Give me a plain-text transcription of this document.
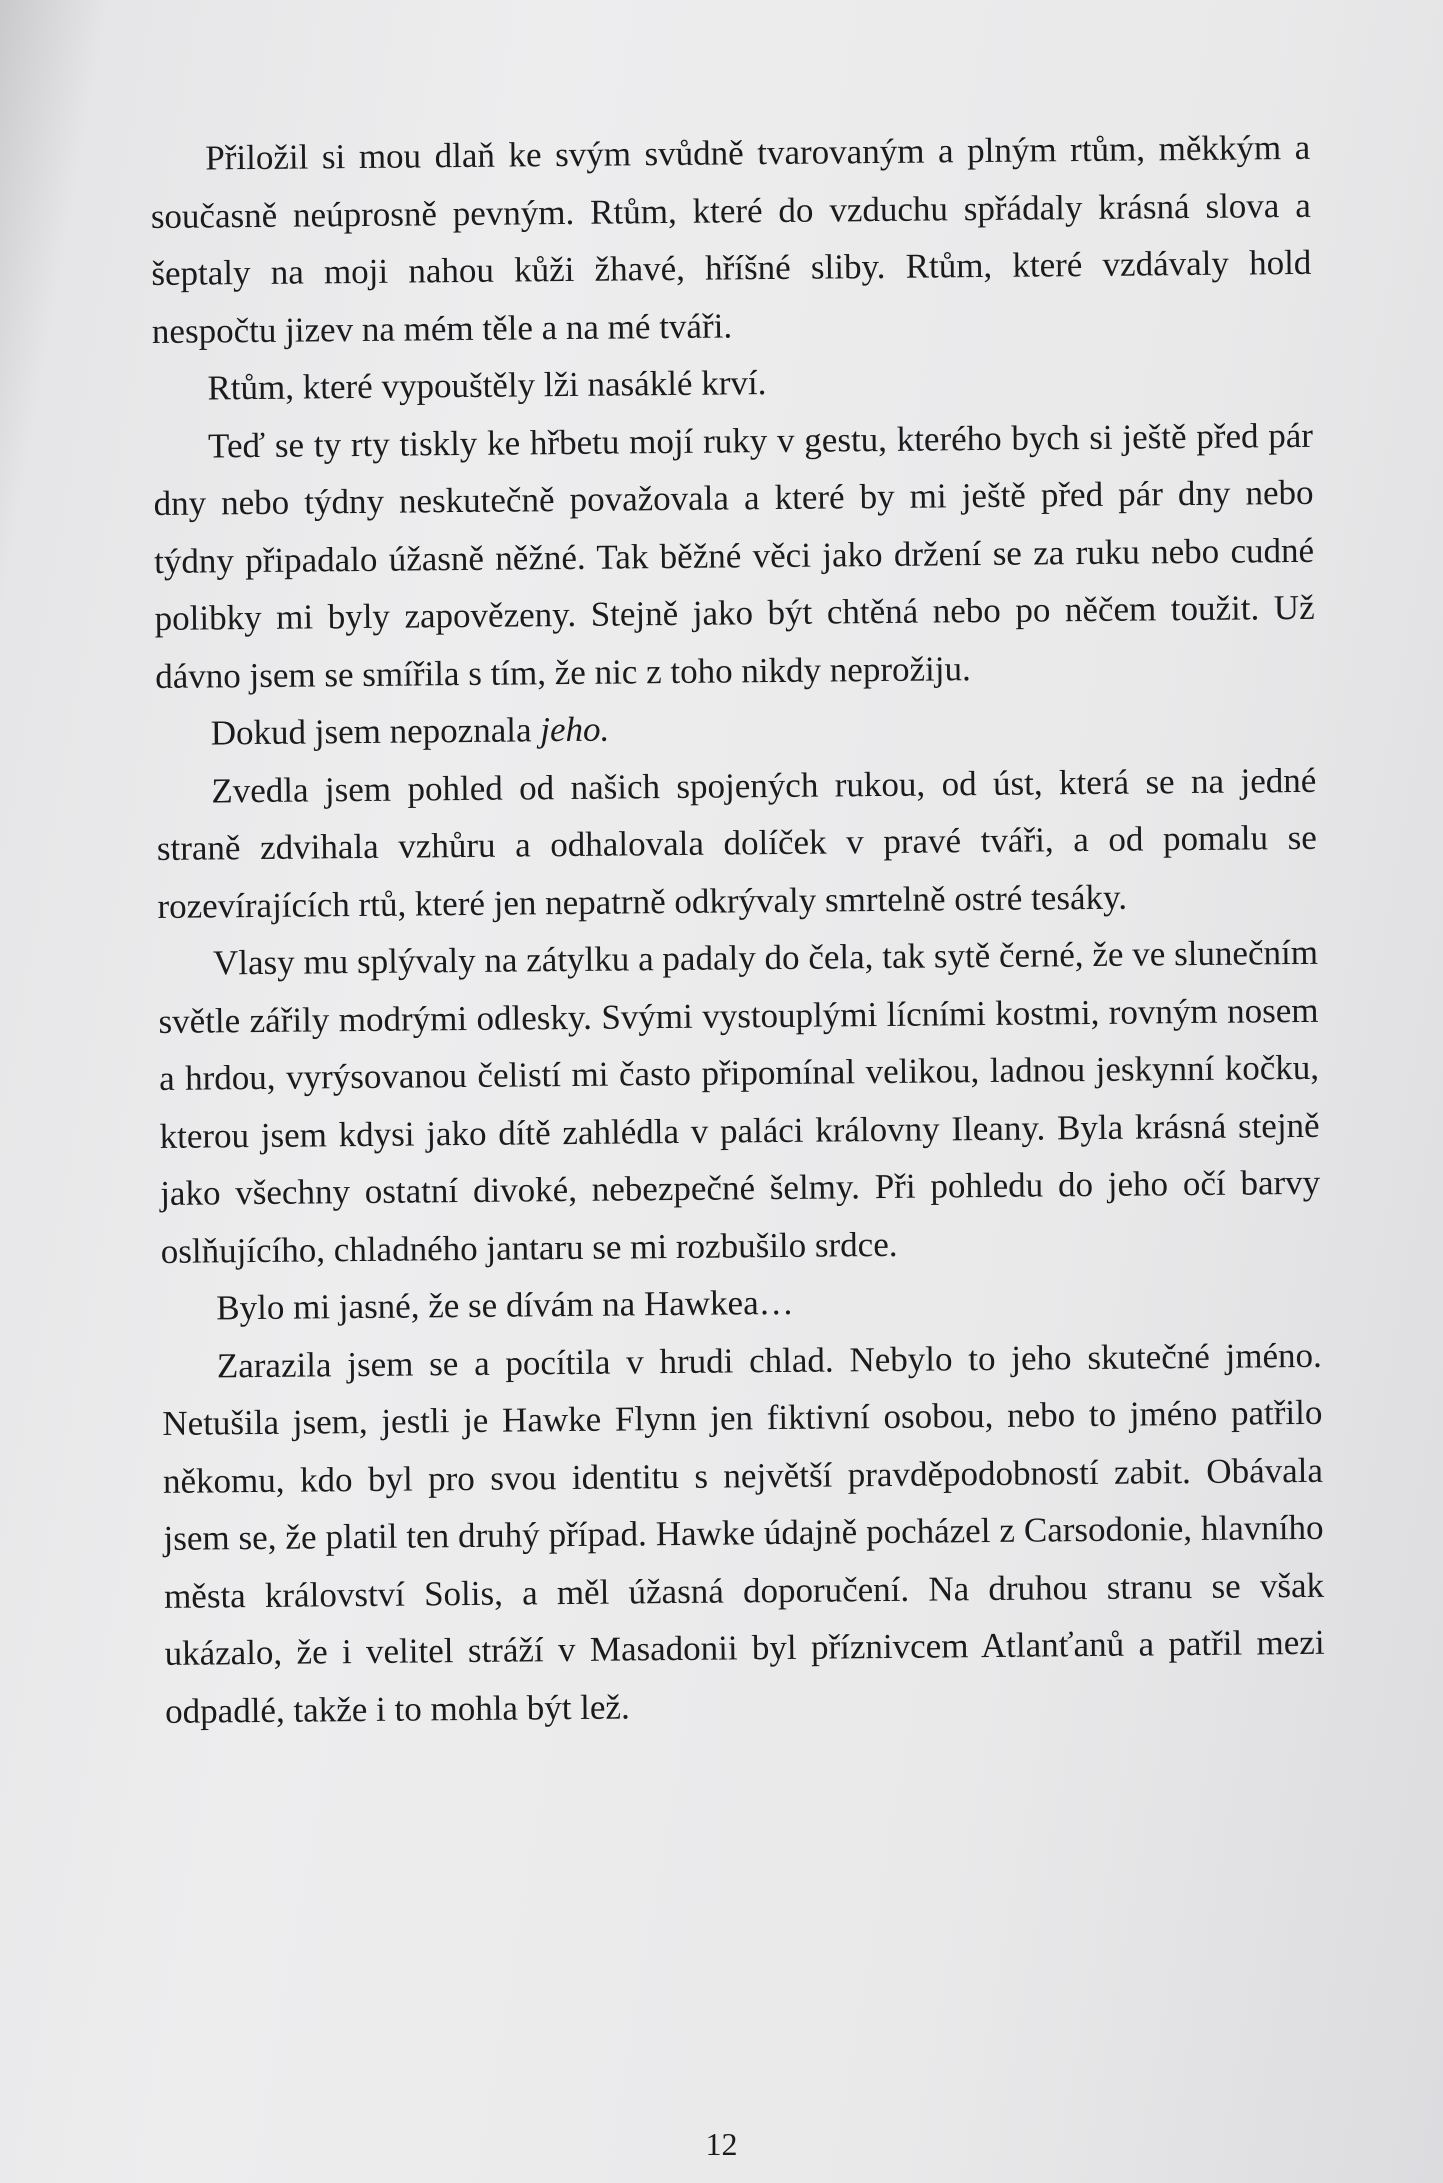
Přiložil si mou dlaň ke svým svůdně tvarovaným a plným rtům, měkkým a současně neúprosně pevným. Rtům, které do vzduchu spřádaly krásná slova a šeptaly na moji nahou kůži žhavé, hříšné sliby. Rtům, které vzdávaly hold nespočtu jizev na mém těle a na mé tváři.

Rtům, které vypouštěly lži nasáklé krví.

Teď se ty rty tiskly ke hřbetu mojí ruky v gestu, kterého bych si ještě před pár dny nebo týdny neskutečně považovala a které by mi ještě před pár dny nebo týdny připadalo úžasně něžné. Tak běžné věci jako držení se za ruku nebo cudné polibky mi byly zapovězeny. Stejně jako být chtěná nebo po něčem toužit. Už dávno jsem se smířila s tím, že nic z toho nikdy neprožiju.

Dokud jsem nepoznala jeho.

Zvedla jsem pohled od našich spojených rukou, od úst, která se na jedné straně zdvihala vzhůru a odhalovala dolíček v pravé tváři, a od pomalu se rozevírajících rtů, které jen nepatrně odkrývaly smrtelně ostré tesáky.

Vlasy mu splývaly na zátylku a padaly do čela, tak sytě černé, že ve slunečním světle zářily modrými odlesky. Svými vystouplými lícními kostmi, rovným nosem a hrdou, vyrýsovanou čelistí mi často připomínal velikou, ladnou jeskynní kočku, kterou jsem kdysi jako dítě zahlédla v paláci královny Ileany. Byla krásná stejně jako všechny ostatní divoké, nebezpečné šelmy. Při pohledu do jeho očí barvy oslňujícího, chladného jantaru se mi rozbušilo srdce.

Bylo mi jasné, že se dívám na Hawkea…

Zarazila jsem se a pocítila v hrudi chlad. Nebylo to jeho skutečné jméno. Netušila jsem, jestli je Hawke Flynn jen fiktivní osobou, nebo to jméno patřilo někomu, kdo byl pro svou identitu s největší pravděpodobností zabit. Obávala jsem se, že platil ten druhý případ. Hawke údajně pocházel z Carsodonie, hlavního města království Solis, a měl úžasná doporučení. Na druhou stranu se však ukázalo, že i velitel stráží v Masadonii byl příznivcem Atlanťanů a patřil mezi odpadlé, takže i to mohla být lež.

12
